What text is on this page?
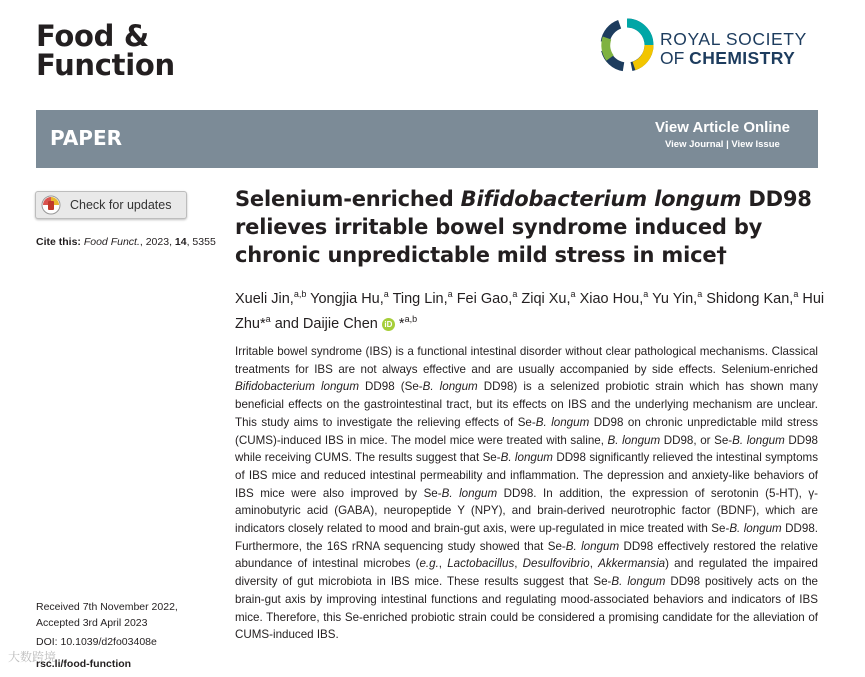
Food &
Function
ROYAL SOCIETY
OF CHEMISTRY
PAPER	View Article Online
View Journal | View Issue
Check for updates
Cite this: Food Funct., 2023, 14, 5355
Selenium-enriched Bifidobacterium longum DD98 relieves irritable bowel syndrome induced by chronic unpredictable mild stress in mice†
Xueli Jin,$^{a,b}$ Yongjia Hu,$^a$ Ting Lin,$^a$ Fei Gao,$^a$ Ziqi Xu,$^a$ Xiao Hou,$^a$ Yu Yin,$^a$ Shidong Kan,$^a$ Hui Zhu*$^a$ and Daijie Chen iD *$^{a,b}$
Irritable bowel syndrome (IBS) is a functional intestinal disorder without clear pathological mechanisms. Classical treatments for IBS are not always effective and are usually accompanied by side effects. Selenium-enriched Bifidobacterium longum DD98 (Se-B. longum DD98) is a selenized probiotic strain which has shown many beneficial effects on the gastrointestinal tract, but its effects on IBS and the underlying mechanism are unclear. This study aims to investigate the relieving effects of Se-B. longum DD98 on chronic unpredictable mild stress (CUMS)-induced IBS in mice. The model mice were treated with saline, B. longum DD98, or Se-B. longum DD98 while receiving CUMS. The results suggest that Se-B. longum DD98 significantly relieved the intestinal symptoms of IBS mice and reduced intestinal permeability and inflammation. The depression and anxiety-like behaviors of IBS mice were also improved by Se-B. longum DD98. In addition, the expression of serotonin (5-HT), γ-aminobutyric acid (GABA), neuropeptide Y (NPY), and brain-derived neurotrophic factor (BDNF), which are indicators closely related to mood and brain-gut axis, were up-regulated in mice treated with Se-B. longum DD98. Furthermore, the 16S rRNA sequencing study showed that Se-B. longum DD98 effectively restored the relative abundance of intestinal microbes (e.g., Lactobacillus, Desulfovibrio, Akkermansia) and regulated the impaired diversity of gut microbiota in IBS mice. These results suggest that Se-B. longum DD98 positively acts on the brain-gut axis by improving intestinal functions and regulating mood-associated behaviors and indicators of IBS mice. Therefore, this Se-enriched probiotic strain could be considered a promising candidate for the alleviation of CUMS-induced IBS.
Received 7th November 2022,
Accepted 3rd April 2023
DOI: 10.1039/d2fo03408e
rsc.li/food-function
大数跨境
